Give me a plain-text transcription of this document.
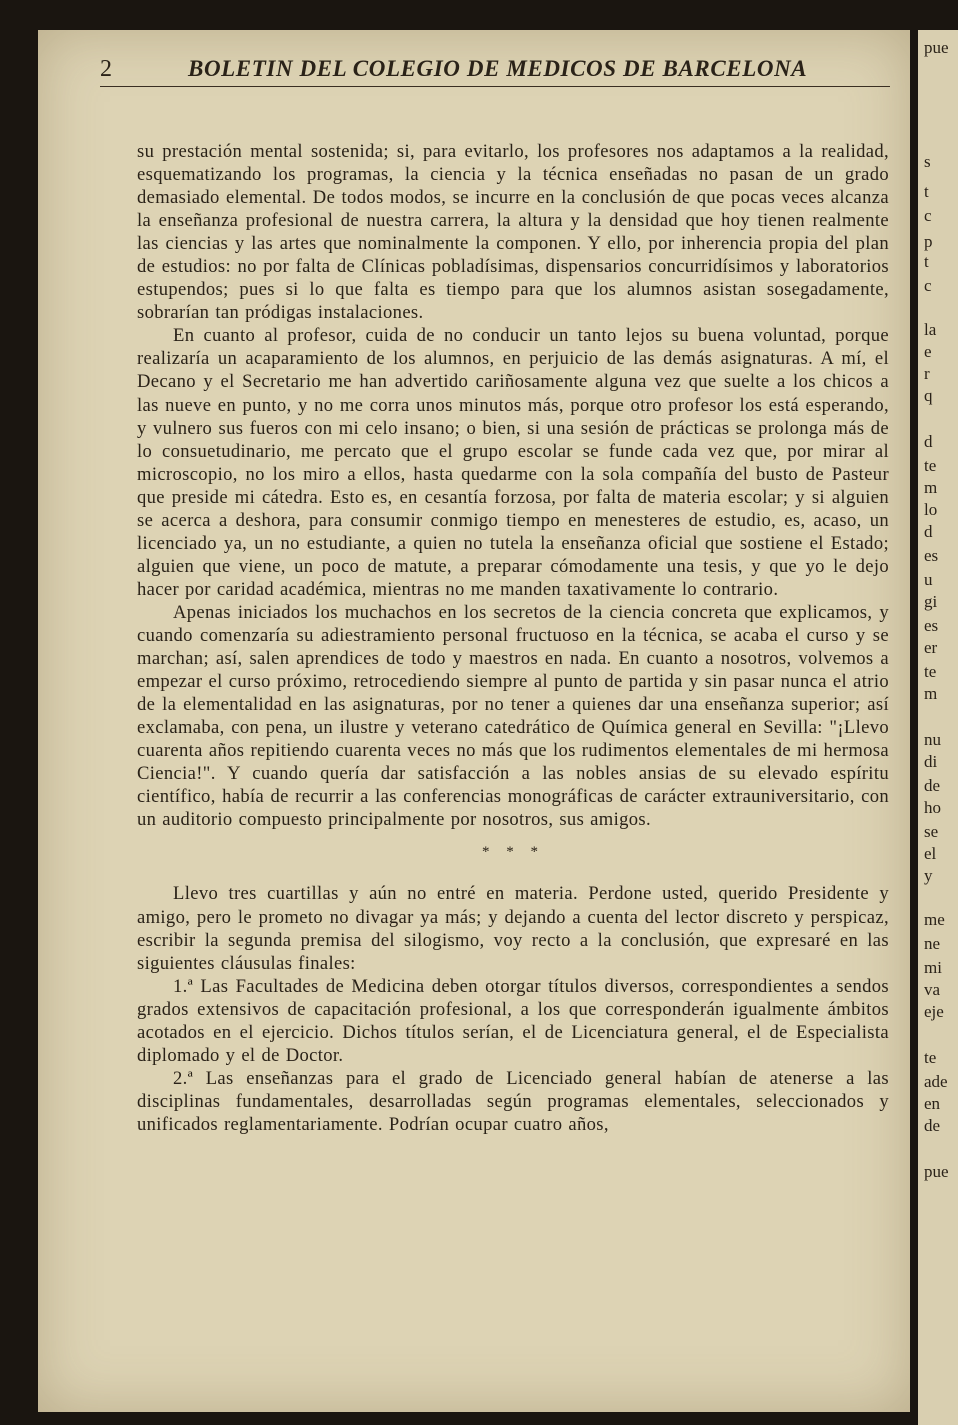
pue
s
t
c
p
t
c
la
e
r
q
d
te
m
lo
d
es
u
gi
es
er
te
m
nu
di
de
ho
se
el
y
me
ne
mi
va
eje
te
ade
en
de
pue
2	BOLETIN DEL COLEGIO DE MEDICOS DE BARCELONA

su prestación mental sostenida; si, para evitarlo, los profesores nos adaptamos a la realidad, esquematizando los programas, la ciencia y la técnica enseñadas no pasan de un grado demasiado elemental. De todos modos, se incurre en la conclusión de que pocas veces alcanza la enseñanza profesional de nuestra carrera, la altura y la densidad que hoy tienen realmente las ciencias y las artes que nominalmente la componen. Y ello, por inherencia propia del plan de estudios: no por falta de Clínicas pobladísimas, dispensarios concurridísimos y laboratorios estupendos; pues si lo que falta es tiempo para que los alumnos asistan sosegadamente, sobrarían tan pródigas instalaciones.

En cuanto al profesor, cuida de no conducir un tanto lejos su buena voluntad, porque realizaría un acaparamiento de los alumnos, en perjuicio de las demás asignaturas. A mí, el Decano y el Secretario me han advertido cariñosamente alguna vez que suelte a los chicos a las nueve en punto, y no me corra unos minutos más, porque otro profesor los está esperando, y vulnero sus fueros con mi celo insano; o bien, si una sesión de prácticas se prolonga más de lo consuetudinario, me percato que el grupo escolar se funde cada vez que, por mirar al microscopio, no los miro a ellos, hasta quedarme con la sola compañía del busto de Pasteur que preside mi cátedra. Esto es, en cesantía forzosa, por falta de materia escolar; y si alguien se acerca a deshora, para consumir conmigo tiempo en menesteres de estudio, es, acaso, un licenciado ya, un no estudiante, a quien no tutela la enseñanza oficial que sostiene el Estado; alguien que viene, un poco de matute, a preparar cómodamente una tesis, y que yo le dejo hacer por caridad académica, mientras no me manden taxativamente lo contrario.

Apenas iniciados los muchachos en los secretos de la ciencia concreta que explicamos, y cuando comenzaría su adiestramiento personal fructuoso en la técnica, se acaba el curso y se marchan; así, salen aprendices de todo y maestros en nada. En cuanto a nosotros, volvemos a empezar el curso próximo, retrocediendo siempre al punto de partida y sin pasar nunca el atrio de la elementalidad en las asignaturas, por no tener a quienes dar una enseñanza superior; así exclamaba, con pena, un ilustre y veterano catedrático de Química general en Sevilla: "¡Llevo cuarenta años repitiendo cuarenta veces no más que los rudimentos elementales de mi hermosa Ciencia!". Y cuando quería dar satisfacción a las nobles ansias de su elevado espíritu científico, había de recurrir a las conferencias monográficas de carácter extrauniversitario, con un auditorio compuesto principalmente por nosotros, sus amigos.

* * *

Llevo tres cuartillas y aún no entré en materia. Perdone usted, querido Presidente y amigo, pero le prometo no divagar ya más; y dejando a cuenta del lector discreto y perspicaz, escribir la segunda premisa del silogismo, voy recto a la conclusión, que expresaré en las siguientes cláusulas finales:

1.ª Las Facultades de Medicina deben otorgar títulos diversos, correspondientes a sendos grados extensivos de capacitación profesional, a los que corresponderán igualmente ámbitos acotados en el ejercicio. Dichos títulos serían, el de Licenciatura general, el de Especialista diplomado y el de Doctor.

2.ª Las enseñanzas para el grado de Licenciado general habían de atenerse a las disciplinas fundamentales, desarrolladas según programas elementales, seleccionados y unificados reglamentariamente. Podrían ocupar cuatro años,
